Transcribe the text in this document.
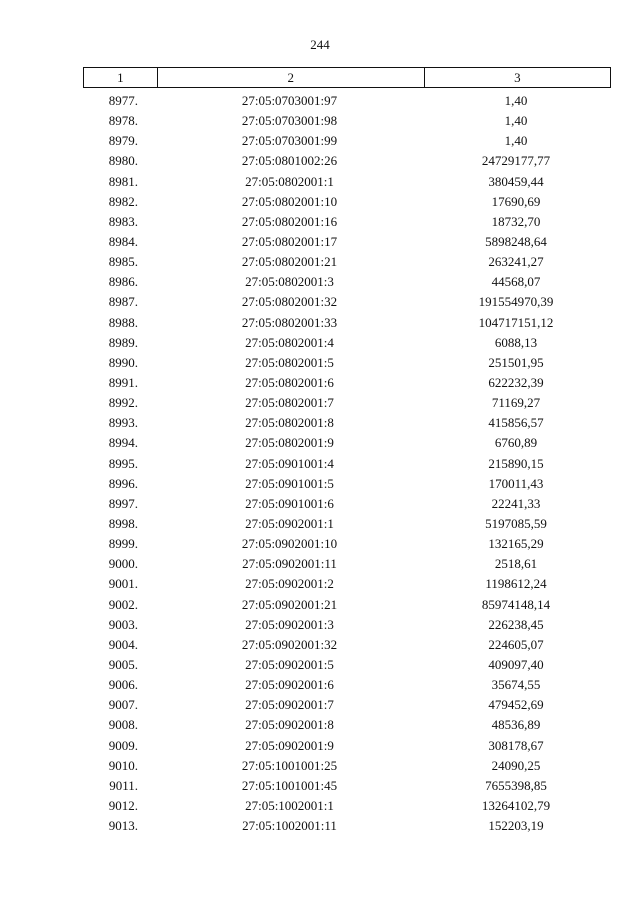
244
1	2	3
8977.	27:05:0703001:97	1,40
8978.	27:05:0703001:98	1,40
8979.	27:05:0703001:99	1,40
8980.	27:05:0801002:26	24729177,77
8981.	27:05:0802001:1	380459,44
8982.	27:05:0802001:10	17690,69
8983.	27:05:0802001:16	18732,70
8984.	27:05:0802001:17	5898248,64
8985.	27:05:0802001:21	263241,27
8986.	27:05:0802001:3	44568,07
8987.	27:05:0802001:32	191554970,39
8988.	27:05:0802001:33	104717151,12
8989.	27:05:0802001:4	6088,13
8990.	27:05:0802001:5	251501,95
8991.	27:05:0802001:6	622232,39
8992.	27:05:0802001:7	71169,27
8993.	27:05:0802001:8	415856,57
8994.	27:05:0802001:9	6760,89
8995.	27:05:0901001:4	215890,15
8996.	27:05:0901001:5	170011,43
8997.	27:05:0901001:6	22241,33
8998.	27:05:0902001:1	5197085,59
8999.	27:05:0902001:10	132165,29
9000.	27:05:0902001:11	2518,61
9001.	27:05:0902001:2	1198612,24
9002.	27:05:0902001:21	85974148,14
9003.	27:05:0902001:3	226238,45
9004.	27:05:0902001:32	224605,07
9005.	27:05:0902001:5	409097,40
9006.	27:05:0902001:6	35674,55
9007.	27:05:0902001:7	479452,69
9008.	27:05:0902001:8	48536,89
9009.	27:05:0902001:9	308178,67
9010.	27:05:1001001:25	24090,25
9011.	27:05:1001001:45	7655398,85
9012.	27:05:1002001:1	13264102,79
9013.	27:05:1002001:11	152203,19
